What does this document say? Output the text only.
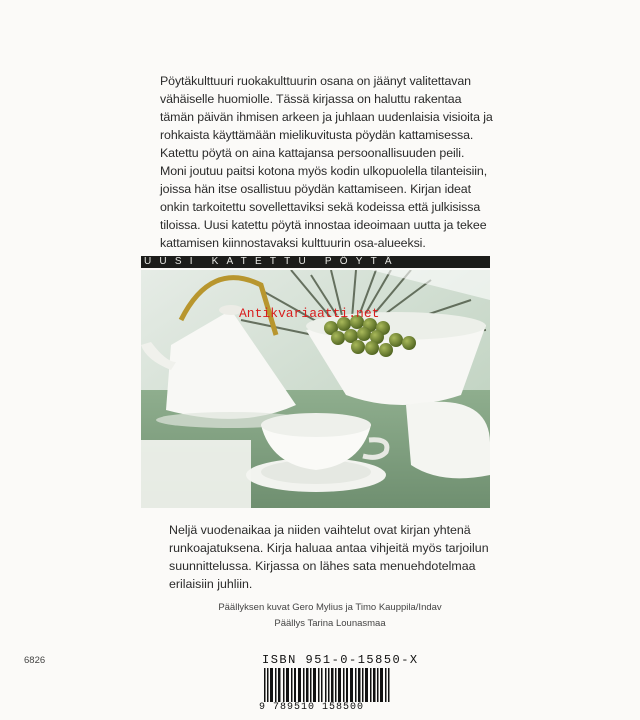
Pöytäkulttuuri ruokakulttuurin osana on jäänyt valitettavan
vähäiselle huomiolle. Tässä kirjassa on haluttu rakentaa
tämän päivän ihmisen arkeen ja juhlaan uudenlaisia visioita ja
rohkaista käyttämään mielikuvitusta pöydän kattamisessa.
Katettu pöytä on aina kattajansa persoonallisuuden peili.
Moni joutuu paitsi kotona myös kodin ulkopuolella tilanteisiin,
joissa hän itse osallistuu pöydän kattamiseen. Kirjan ideat
onkin tarkoitettu sovellettaviksi sekä kodeissa että julkisissa
tiloissa. Uusi katettu pöytä innostaa ideoimaan uutta ja tekee
kattamisen kiinnostavaksi kulttuurin osa-alueeksi.
UUSI KATETTU PÖYTÄ
Antikvariaatti.net
Neljä vuodenaikaa ja niiden vaihtelut ovat kirjan yhtenä
runkoajatuksena. Kirja haluaa antaa vihjeitä myös tarjoilun
suunnittelussa. Kirjassa on lähes sata menuehdotelmaa
erilaisiin juhliin.
Päällyksen kuvat Gero Mylius ja Timo Kauppila/Indav
Päällys Tarina Lounasmaa
6826	ISBN 951-0-15850-X
9 789510 158500
